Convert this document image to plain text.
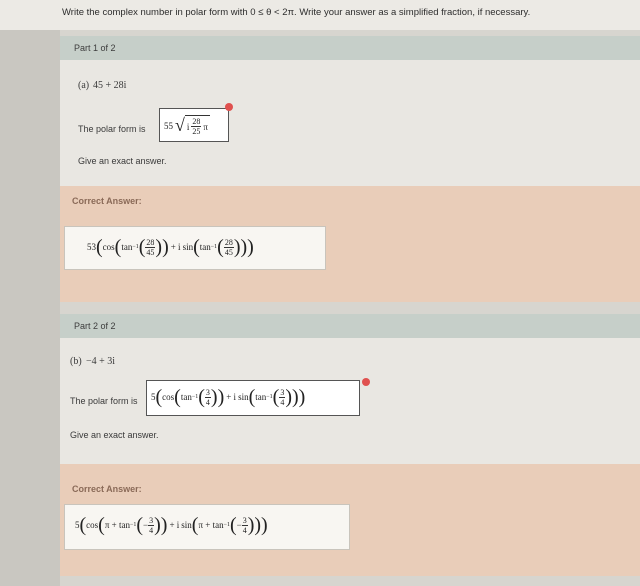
Write the complex number in polar form with 0 ≤ θ < 2π. Write your answer as a simplified fraction, if necessary.
Part 1 of 2
(a) 45 + 28i
The polar form is 55 √ i $\frac{28}{25}$ π
Give an exact answer.
Correct Answer:
53 ( cos ( tan −1 ( $\frac{28}{45}$ )) + i sin ( tan −1 ( $\frac{28}{45}$ )))
Part 2 of 2
(b) −4 + 3i
The polar form is 5 ( cos ( tan −1 ( $\frac{3}{4}$ )) + i sin ( tan −1 ( $\frac{3}{4}$ )))
Give an exact answer.
Correct Answer:
5 ( cos ( π + tan −1 ( − $\frac{3}{4}$ )) + i sin ( π + tan −1 ( − $\frac{3}{4}$ )))
